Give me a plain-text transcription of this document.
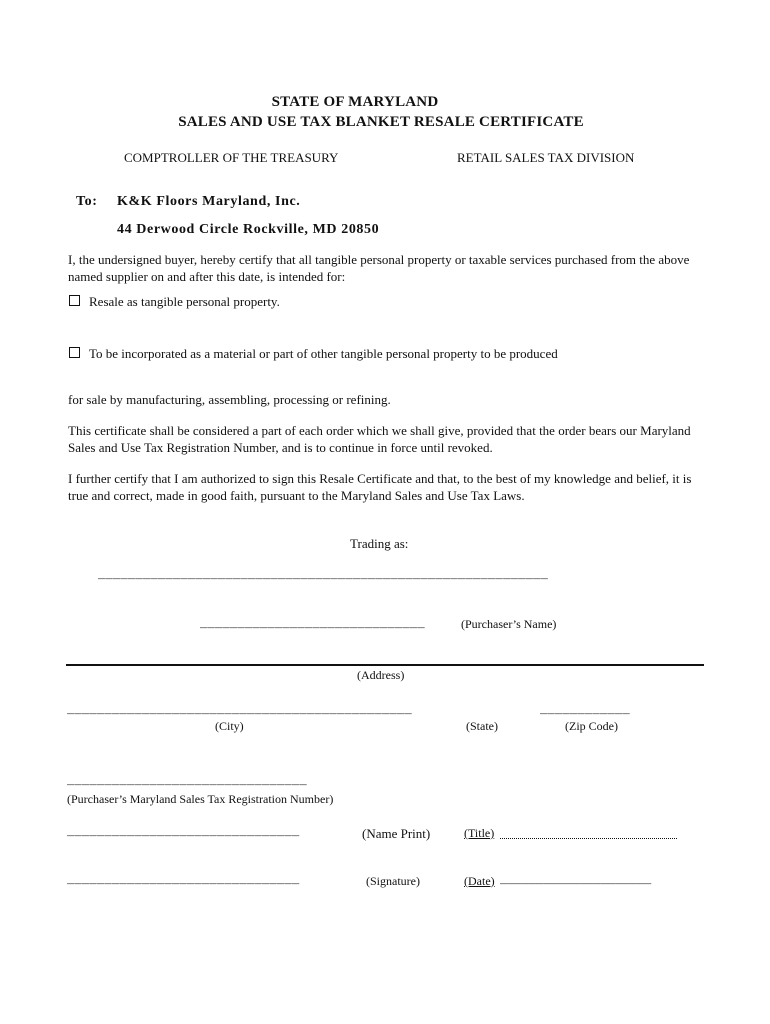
STATE OF MARYLAND
SALES AND USE TAX BLANKET RESALE CERTIFICATE
COMPTROLLER OF THE TREASURY	RETAIL SALES TAX DIVISION
To: K&K Floors Maryland, Inc.
44 Derwood Circle Rockville, MD 20850
I, the undersigned buyer, hereby certify that all tangible personal property or taxable services purchased from the above named supplier on and after this date, is intended for:
Resale as tangible personal property.
To be incorporated as a material or part of other tangible personal property to be produced
for sale by manufacturing, assembling, processing or refining.
This certificate shall be considered a part of each order which we shall give, provided that the order bears our Maryland Sales and Use Tax Registration Number, and is to continue in force until revoked.
I further certify that I am authorized to sign this Resale Certificate and that, to the best of my knowledge and belief, it is true and correct, made in good faith, pursuant to the Maryland Sales and Use Tax Laws.
Trading as:
____________________________________________________________
______________________________	(Purchaser’s Name)
(Address)
______________________________________________	____________
(City)	(State)	(Zip Code)
________________________________
(Purchaser’s Maryland Sales Tax Registration Number)
_______________________________	(Name Print)	(Title)
_______________________________	(Signature)	(Date) _____________________
